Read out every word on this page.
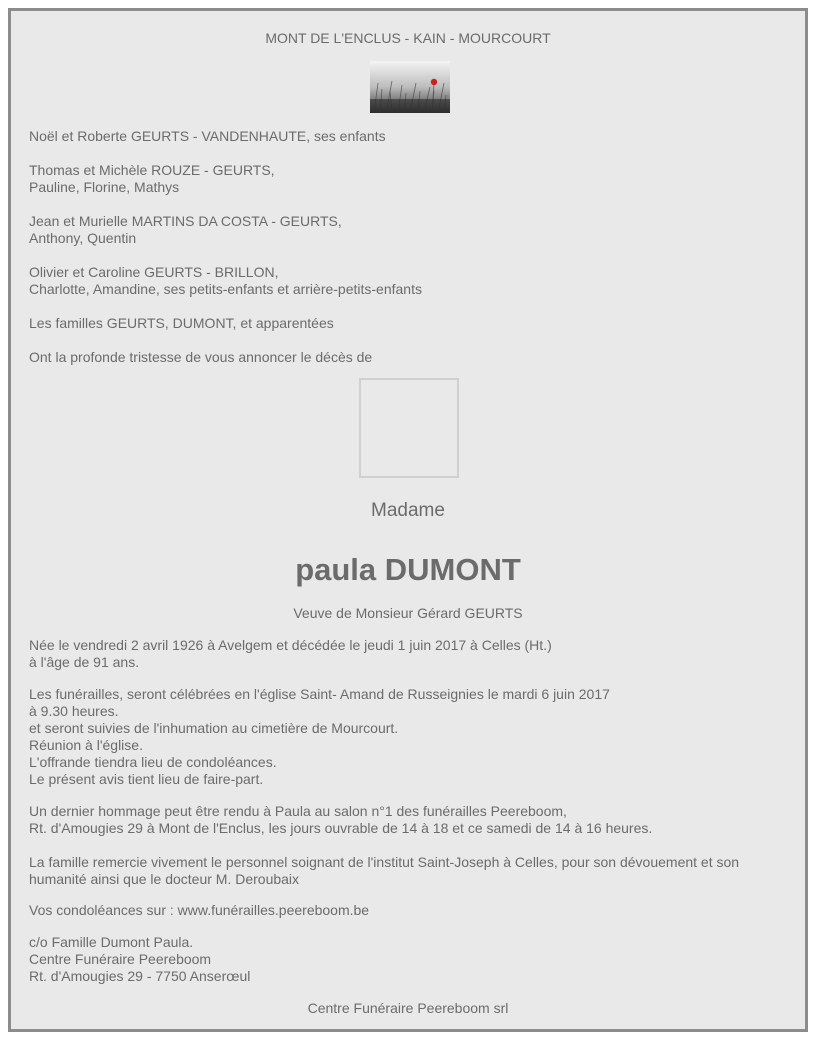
MONT DE L'ENCLUS - KAIN - MOURCOURT
Noël et Roberte GEURTS - VANDENHAUTE, ses enfants
Thomas et Michèle ROUZE - GEURTS,
Pauline, Florine, Mathys
Jean et Murielle MARTINS DA COSTA - GEURTS,
Anthony, Quentin
Olivier et Caroline GEURTS - BRILLON,
Charlotte, Amandine, ses petits-enfants et arrière-petits-enfants
Les familles GEURTS, DUMONT, et apparentées
Ont la profonde tristesse de vous annoncer le décès de
Madame
paula DUMONT
Veuve de Monsieur Gérard GEURTS
Née le vendredi 2 avril 1926 à Avelgem et décédée le jeudi 1 juin 2017 à Celles (Ht.)
à l'âge de 91 ans.
Les funérailles, seront célébrées en l'église Saint- Amand de Russeignies le mardi 6 juin 2017
à 9.30 heures.
et seront suivies de l'inhumation au cimetière de Mourcourt.
Réunion à l'église.
L'offrande tiendra lieu de condoléances.
Le présent avis tient lieu de faire-part.
Un dernier hommage peut être rendu à Paula au salon n°1 des funérailles Peereboom,
Rt. d'Amougies 29 à Mont de l'Enclus, les jours ouvrable de 14 à 18 et ce samedi de 14 à 16 heures.
La famille remercie vivement le personnel soignant de l'institut Saint-Joseph à Celles, pour son dévouement et son
humanité ainsi que le docteur M. Deroubaix
Vos condoléances sur : www.funérailles.peereboom.be
c/o Famille Dumont Paula.
Centre Funéraire Peereboom
Rt. d'Amougies 29 - 7750 Anserœul
Centre Funéraire Peereboom srl
